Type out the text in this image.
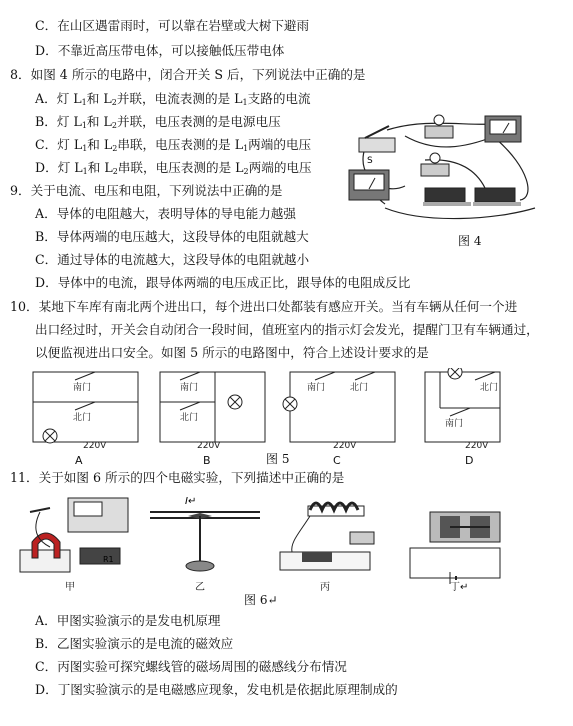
C．在山区遇雷雨时，可以靠在岩壁或大树下避雨
D．不靠近高压带电体，可以接触低压带电体
8．如图 4 所示的电路中，闭合开关 S 后，下列说法中正确的是
A．灯 $L_1$和 $L_2$并联，电流表测的是 $L_1$支路的电流
B．灯 $L_1$和 $L_2$并联，电压表测的是电源电压
C．灯 $L_1$和 $L_2$串联，电压表测的是 $L_1$两端的电压
D．灯 $L_1$和 $L_2$串联，电压表测的是 $L_2$两端的电压	S
图 4
9．关于电流、电压和电阻，下列说法中正确的是
A．导体的电阻越大，表明导体的导电能力越强
B．导体两端的电压越大，这段导体的电阻就越大
C．通过导体的电流越大，这段导体的电阻就越小
D．导体中的电流，跟导体两端的电压成正比，跟导体的电阻成反比
10．某地下车库有南北两个进出口，每个进出口处都装有感应开关。当有车辆从任何一个进
出口经过时，开关会自动闭合一段时间，值班室内的指示灯会发光，提醒门卫有车辆通过，
以便监视进出口安全。如图 5 所示的电路图中，符合上述设计要求的是
南门
北门
220V
南门
北门
220V
南门	北门
220V
北门
南门
220V
A	B	C	D
图 5
11．关于如图 6 所示的四个电磁实验，下列描述中正确的是
R1
I↵
甲	乙	丙	丁↵
图 6↵
A．甲图实验演示的是发电机原理
B．乙图实验演示的是电流的磁效应
C．丙图实验可探究螺线管的磁场周围的磁感线分布情况
D．丁图实验演示的是电磁感应现象，发电机是依据此原理制成的
